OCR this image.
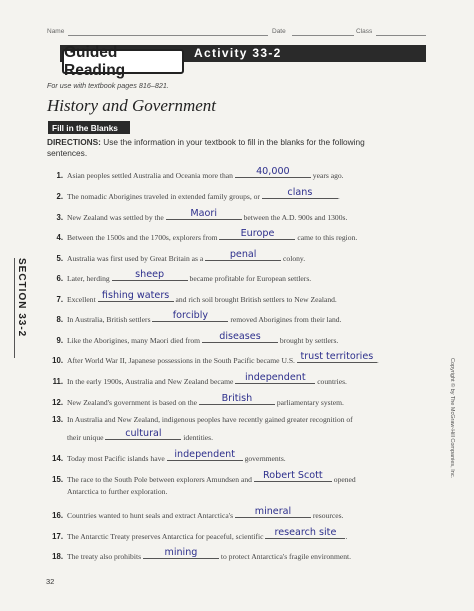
Name	Date	Class
Guided Reading
Activity 33-2
For use with textbook pages 816–821.
History and Government
Fill in the Blanks
DIRECTIONS: Use the information in your textbook to fill in the blanks for the following sentences.
1. Asian peoples settled Australia and Oceania more than	40,000	years ago.
2. The nomadic Aborigines traveled in extended family groups, or	clans	.
3. New Zealand was settled by the	Maori	between the A.D. 900s and 1300s.
4. Between the 1500s and the 1700s, explorers from	Europe	came to this region.
5. Australia was first used by Great Britain as a	penal	colony.
6. Later, herding	sheep	became profitable for European settlers.
7. Excellent fishing waters and rich soil brought British settlers to New Zealand.
8. In Australia, British settlers	forcibly	removed Aborigines from their land.
9. Like the Aborigines, many Maori died from	diseases	brought by settlers.
10. After World War II, Japanese possessions in the South Pacific became U.S. trust territories .
11. In the early 1900s, Australia and New Zealand became	independent	countries.
12. New Zealand's government is based on the	British	parliamentary system.
13. In Australia and New Zealand, indigenous peoples have recently gained greater recognition of
their unique	cultural	identities.
14. Today most Pacific islands have independent	governments.
15. The race to the South Pole between explorers Amundsen and	Robert Scott	opened
Antarctica to further exploration.
16. Countries wanted to hunt seals and extract Antarctica's	mineral	resources.
17. The Antarctic Treaty preserves Antarctica for peaceful, scientific	research site	.
18. The treaty also prohibits	mining	to protect Antarctica's fragile environment.
SECTION 33-2
Copyright © by The McGraw-Hill Companies, Inc.
32
